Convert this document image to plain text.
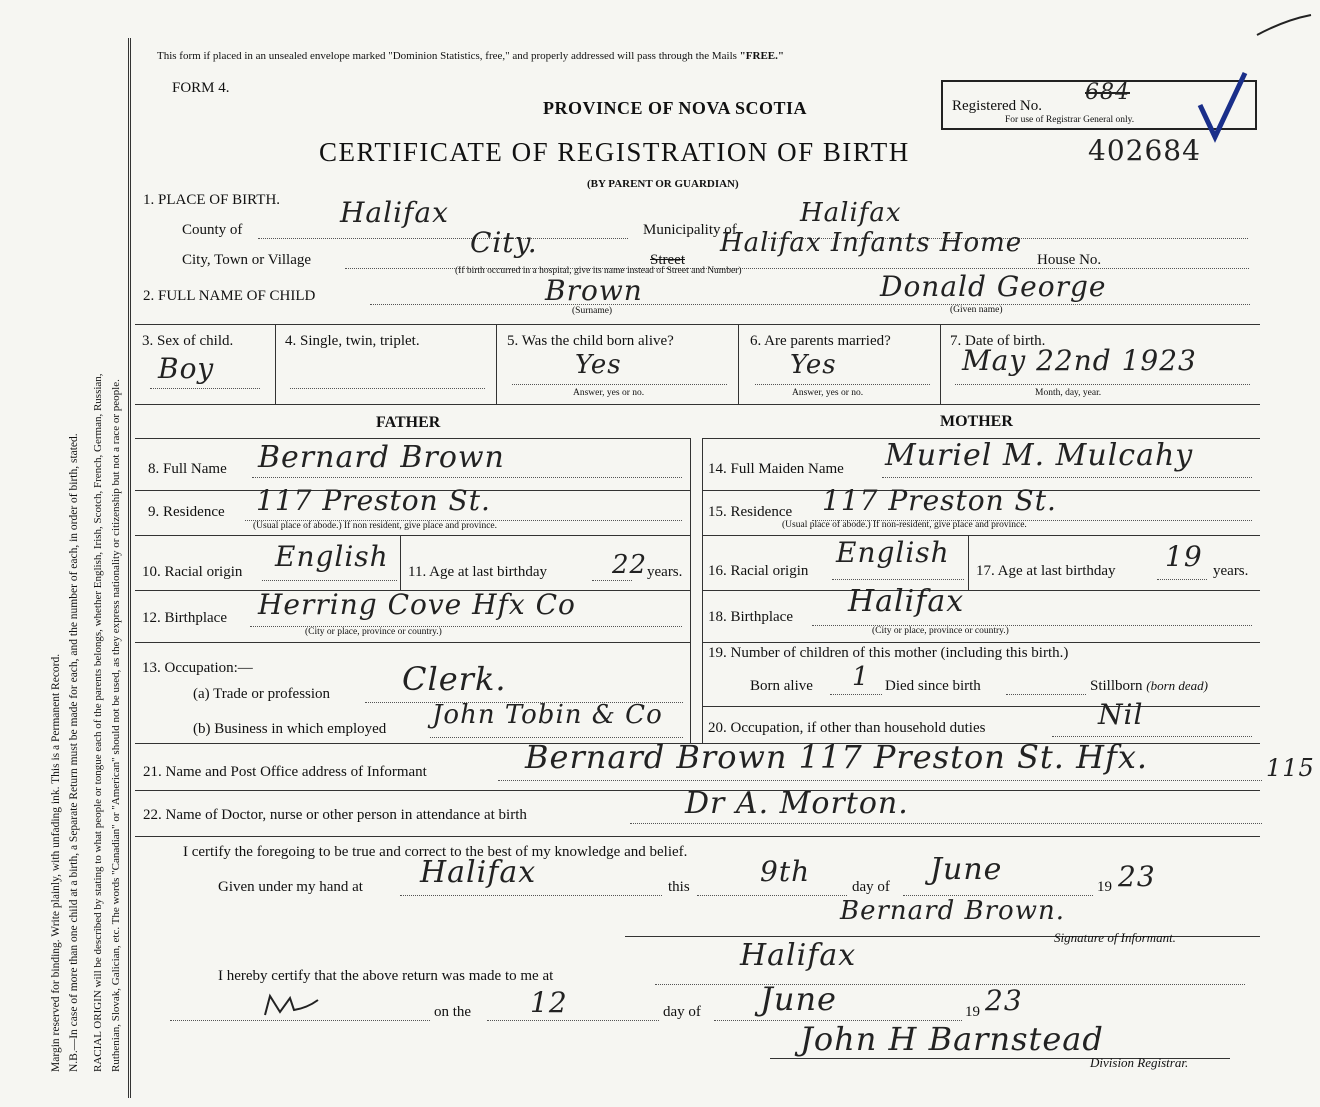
Margin reserved for binding. Write plainly, with unfading ink. This is a Permanent Record. N.B.—In case of more than one child at a birth, a Separate Return must be made for each, and the number of each, in order of birth, stated. RACIAL ORIGIN will be described by stating to what people or tongue each of the parents belongs, whether English, Irish, Scotch, French, German, Russian, Ruthenian, Slovak, Galician, etc. The words "Canadian" or "American" should not be used, as they express nationality or citizenship but not a race or people.
This form if placed in an unsealed envelope marked "Dominion Statistics, free," and properly addressed will pass through the Mails "FREE."
FORM 4.
PROVINCE OF NOVA SCOTIA
CERTIFICATE OF REGISTRATION OF BIRTH	402684
(BY PARENT OR GUARDIAN)
Registered No.
684
For use of Registrar General only.
1. PLACE OF BIRTH.
County of
Halifax
Municipality of
Halifax
City, Town or Village
City.
Street
Halifax Infants Home
House No.
(If birth occurred in a hospital, give its name instead of Street and Number)
2. FULL NAME OF CHILD	Brown	Donald George
(Surname)	(Given name)
3. Sex of child.
Boy
4. Single, twin, triplet.	5. Was the child born alive?
Yes
Answer, yes or no.
6. Are parents married?
Yes
Answer, yes or no.
7. Date of birth.
May 22nd 1923
Month, day, year.
FATHER	MOTHER
8. Full Name Bernard Brown
9. Residence 117 Preston St.
(Usual place of abode.) If non resident, give place and province.
10. Racial origin English 11. Age at last birthday	22 years.
12. Birthplace Herring Cove Hfx Co
(City or place, province or country.)
13. Occupation:—
(a) Trade or profession Clerk.
(b) Business in which employed John Tobin & Co
14. Full Maiden Name Muriel M. Mulcahy
15. Residence 117 Preston St.
(Usual place of abode.) If non-resident, give place and province.
16. Racial origin
English
17. Age at last birthday 19 years.
18. Birthplace Halifax
(City or place, province or country.)
19. Number of children of this mother (including this birth.)
Born alive 1 Died since birth	Stillborn (born dead)
20. Occupation, if other than household duties	Nil
21. Name and Post Office address of Informant	Bernard Brown 117 Preston St. Hfx.	115
22. Name of Doctor, nurse or other person in attendance at birth	Dr A. Morton.
I certify the foregoing to be true and correct to the best of my knowledge and belief.
Given under my hand at Halifax	this	9th	day of June	19 23
Bernard Brown.
Signature of Informant.
I hereby certify that the above return was made to me at
Halifax
on the 12	day of June	19 23
John H Barnstead
Division Registrar.
